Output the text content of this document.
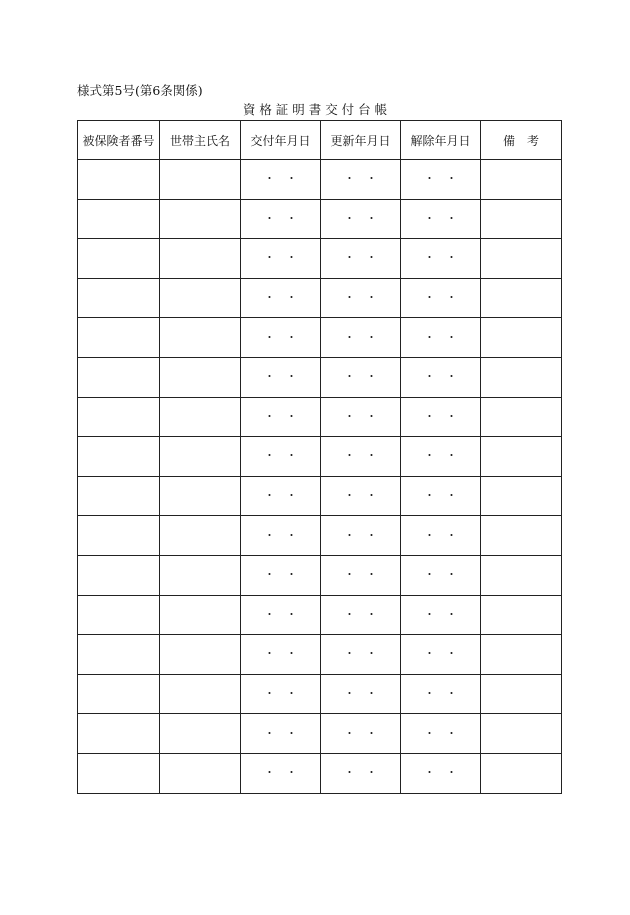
様式第5号(第6条関係)
資 格 証 明 書 交 付 台 帳
被保険者番号	世帯主氏名	交付年月日	更新年月日	解除年月日	備　考
		・　・	・　・	・　・	
		・　・	・　・	・　・	
		・　・	・　・	・　・	
		・　・	・　・	・　・	
		・　・	・　・	・　・	
		・　・	・　・	・　・	
		・　・	・　・	・　・	
		・　・	・　・	・　・	
		・　・	・　・	・　・	
		・　・	・　・	・　・	
		・　・	・　・	・　・	
		・　・	・　・	・　・	
		・　・	・　・	・　・	
		・　・	・　・	・　・	
		・　・	・　・	・　・	
		・　・	・　・	・　・	
